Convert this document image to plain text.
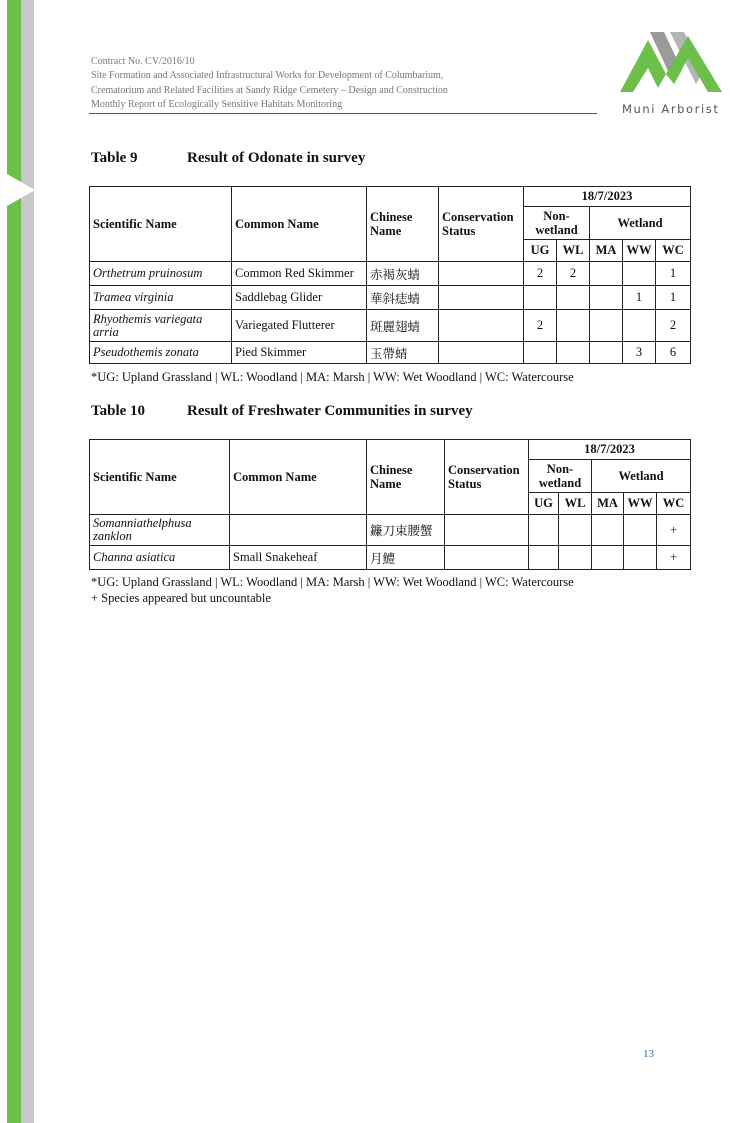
Contract No. CV/2016/10
Site Formation and Associated Infrastructural Works for Development of Columbarium,
Crematorium and Related Facilities at Sandy Ridge Cemetery – Design and Construction
Monthly Report of Ecologically Sensitive Habitats Monitoring	Muni Arborist
Table 9	Result of Odonate in survey
Scientific Name	Common Name	Chinese Name	Conservation Status	18/7/2023				
				Non-wetland		Wetland		
				UG	WL	MA	WW	WC
Orthetrum pruinosum	Common Red Skimmer	赤褐灰蜻		2	2			1
Tramea virginia	Saddlebag Glider	華斜痣蜻					1	1
Rhyothemis variegata arria	Variegated Flutterer	斑麗翅蜻		2				2
Pseudothemis zonata	Pied Skimmer	玉帶蜻					3	6
*UG: Upland Grassland | WL: Woodland | MA: Marsh | WW: Wet Woodland | WC: Watercourse
Table 10	Result of Freshwater Communities in survey
Scientific Name	Common Name	Chinese Name	Conservation Status	18/7/2023				
				Non-wetland		Wetland		
				UG	WL	MA	WW	WC
Somanniathelphusa zanklon		鐮刀束腰蟹						+
Channa asiatica	Small Snakeheaf	月鱧						+
*UG: Upland Grassland | WL: Woodland | MA: Marsh | WW: Wet Woodland | WC: Watercourse
+ Species appeared but uncountable
13
